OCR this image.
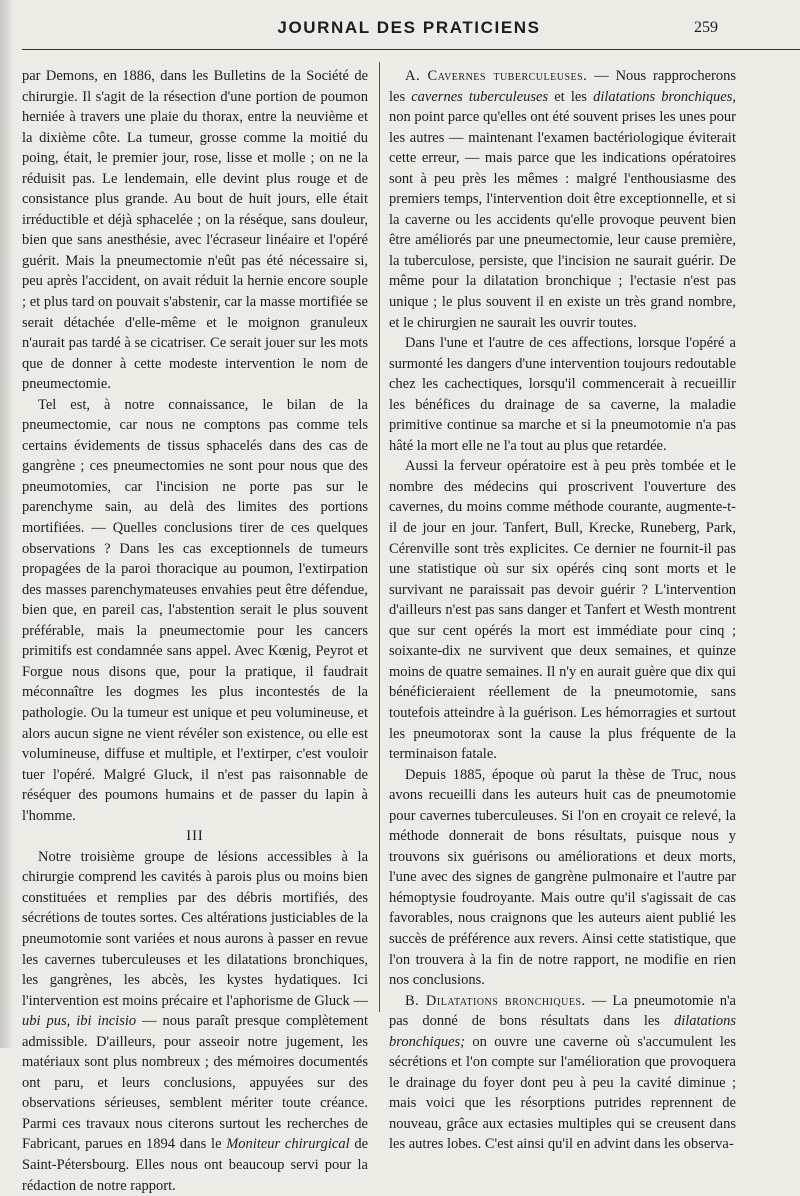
JOURNAL DES PRATICIENS	259

par Demons, en 1886, dans les Bulletins de la Société de chirurgie. Il s'agit de la résection d'une portion de poumon herniée à travers une plaie du thorax, entre la neuvième et la dixième côte. La tumeur, grosse comme la moitié du poing, était, le premier jour, rose, lisse et molle ; on ne la réduisit pas. Le lendemain, elle devint plus rouge et de consistance plus grande. Au bout de huit jours, elle était irréductible et déjà sphacelée ; on la réséque, sans douleur, bien que sans anesthésie, avec l'écraseur linéaire et l'opéré guérit. Mais la pneumectomie n'eût pas été nécessaire si, peu après l'accident, on avait réduit la hernie encore souple ; et plus tard on pouvait s'abstenir, car la masse mortifiée se serait détachée d'elle-même et le moignon granuleux n'aurait pas tardé à se cicatriser. Ce serait jouer sur les mots que de donner à cette modeste intervention le nom de pneumectomie.

Tel est, à notre connaissance, le bilan de la pneumectomie, car nous ne comptons pas comme tels certains évidements de tissus sphacelés dans des cas de gangrène ; ces pneumectomies ne sont pour nous que des pneumotomies, car l'incision ne porte pas sur le parenchyme sain, au delà des limites des portions mortifiées. — Quelles conclusions tirer de ces quelques observations ? Dans les cas exceptionnels de tumeurs propagées de la paroi thoracique au poumon, l'extirpation des masses parenchymateuses envahies peut être défendue, bien que, en pareil cas, l'abstention serait le plus souvent préférable, mais la pneumectomie pour les cancers primitifs est condamnée sans appel. Avec Kœnig, Peyrot et Forgue nous disons que, pour la pratique, il faudrait méconnaître les dogmes les plus incontestés de la pathologie. Ou la tumeur est unique et peu volumineuse, et alors aucun signe ne vient révéler son existence, ou elle est volumineuse, diffuse et multiple, et l'extirper, c'est vouloir tuer l'opéré. Malgré Gluck, il n'est pas raisonnable de réséquer des poumons humains et de passer du lapin à l'homme.

III

Notre troisième groupe de lésions accessibles à la chirurgie comprend les cavités à parois plus ou moins bien constituées et remplies par des débris mortifiés, des sécrétions de toutes sortes. Ces altérations justiciables de la pneumotomie sont variées et nous aurons à passer en revue les cavernes tuberculeuses et les dilatations bronchiques, les gangrènes, les abcès, les kystes hydatiques. Ici l'intervention est moins précaire et l'aphorisme de Gluck — ubi pus, ibi incisio — nous paraît presque complètement admissible. D'ailleurs, pour asseoir notre jugement, les matériaux sont plus nombreux ; des mémoires documentés ont paru, et leurs conclusions, appuyées sur des observations sérieuses, semblent mériter toute créance. Parmi ces travaux nous citerons surtout les recherches de Fabricant, parues en 1894 dans le Moniteur chirurgical de Saint-Pétersbourg. Elles nous ont beaucoup servi pour la rédaction de notre rapport.

A. Cavernes tuberculeuses. — Nous rapprocherons les cavernes tuberculeuses et les dilatations bronchiques, non point parce qu'elles ont été souvent prises les unes pour les autres — maintenant l'examen bactériologique éviterait cette erreur, — mais parce que les indications opératoires sont à peu près les mêmes : malgré l'enthousiasme des premiers temps, l'intervention doit être exceptionnelle, et si la caverne ou les accidents qu'elle provoque peuvent bien être améliorés par une pneumectomie, leur cause première, la tuberculose, persiste, que l'incision ne saurait guérir. De même pour la dilatation bronchique ; l'ectasie n'est pas unique ; le plus souvent il en existe un très grand nombre, et le chirurgien ne saurait les ouvrir toutes.

Dans l'une et l'autre de ces affections, lorsque l'opéré a surmonté les dangers d'une intervention toujours redoutable chez les cachectiques, lorsqu'il commencerait à recueillir les bénéfices du drainage de sa caverne, la maladie primitive continue sa marche et si la pneumotomie n'a pas hâté la mort elle ne l'a tout au plus que retardée.

Aussi la ferveur opératoire est à peu près tombée et le nombre des médecins qui proscrivent l'ouverture des cavernes, du moins comme méthode courante, augmente-t-il de jour en jour. Tanfert, Bull, Krecke, Runeberg, Park, Cérenville sont très explicites. Ce dernier ne fournit-il pas une statistique où sur six opérés cinq sont morts et le survivant ne paraissait pas devoir guérir ? L'intervention d'ailleurs n'est pas sans danger et Tanfert et Westh montrent que sur cent opérés la mort est immédiate pour cinq ; soixante-dix ne survivent que deux semaines, et quinze moins de quatre semaines. Il n'y en aurait guère que dix qui bénéficieraient réellement de la pneumotomie, sans toutefois atteindre à la guérison. Les hémorragies et surtout les pneumotorax sont la cause la plus fréquente de la terminaison fatale.

Depuis 1885, époque où parut la thèse de Truc, nous avons recueilli dans les auteurs huit cas de pneumotomie pour cavernes tuberculeuses. Si l'on en croyait ce relevé, la méthode donnerait de bons résultats, puisque nous y trouvons six guérisons ou améliorations et deux morts, l'une avec des signes de gangrène pulmonaire et l'autre par hémoptysie foudroyante. Mais outre qu'il s'agissait de cas favorables, nous craignons que les auteurs aient publié les succès de préférence aux revers. Ainsi cette statistique, que l'on trouvera à la fin de notre rapport, ne modifie en rien nos conclusions.

B. Dilatations bronchiques. — La pneumotomie n'a pas donné de bons résultats dans les dilatations bronchiques; on ouvre une caverne où s'accumulent les sécrétions et l'on compte sur l'amélioration que provoquera le drainage du foyer dont peu à peu la cavité diminue ; mais voici que les résorptions putrides reprennent de nouveau, grâce aux ectasies multiples qui se creusent dans les autres lobes. C'est ainsi qu'il en advint dans les observa-
